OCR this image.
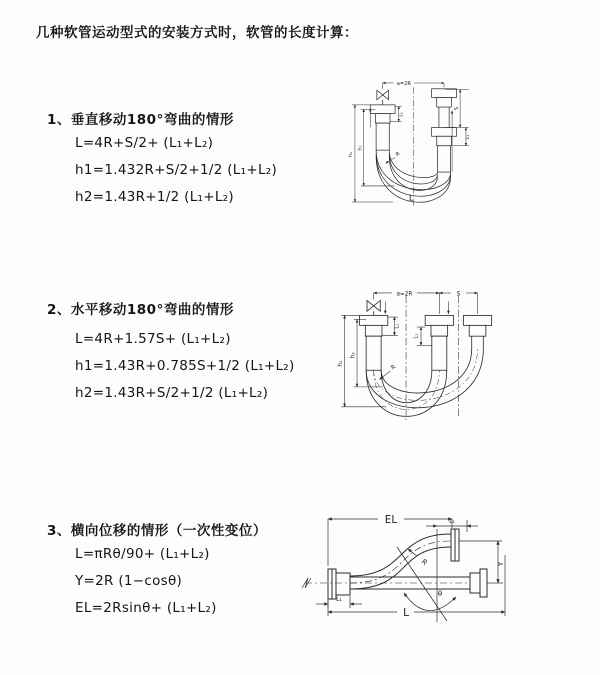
几种软管运动型式的安装方式时，软管的长度计算：
1、垂直移动180°弯曲的情形
L=4R+S/2+ (L₁+L₂)
h1=1.432R+S/2+1/2 (L₁+L₂)
h2=1.43R+1/2 (L₁+L₂)
2、水平移动180°弯曲的情形
L=4R+1.57S+ (L₁+L₂)
h1=1.43R+0.785S+1/2 (L₁+L₂)
h2=1.43R+S/2+1/2 (L₁+L₂)
3、横向位移的情形（一次性变位）
L=πRθ/90+ (L₁+L₂)
Y=2R (1−cosθ)
EL=2Rsinθ+ (L₁+L₂)
a=2R
h₁
h₂
S
L₁
L₁
R
L
a=2R	S
h₁
h₂
L₁
L₁
R
EL	L₁
θ
R	Y
L₁
L
